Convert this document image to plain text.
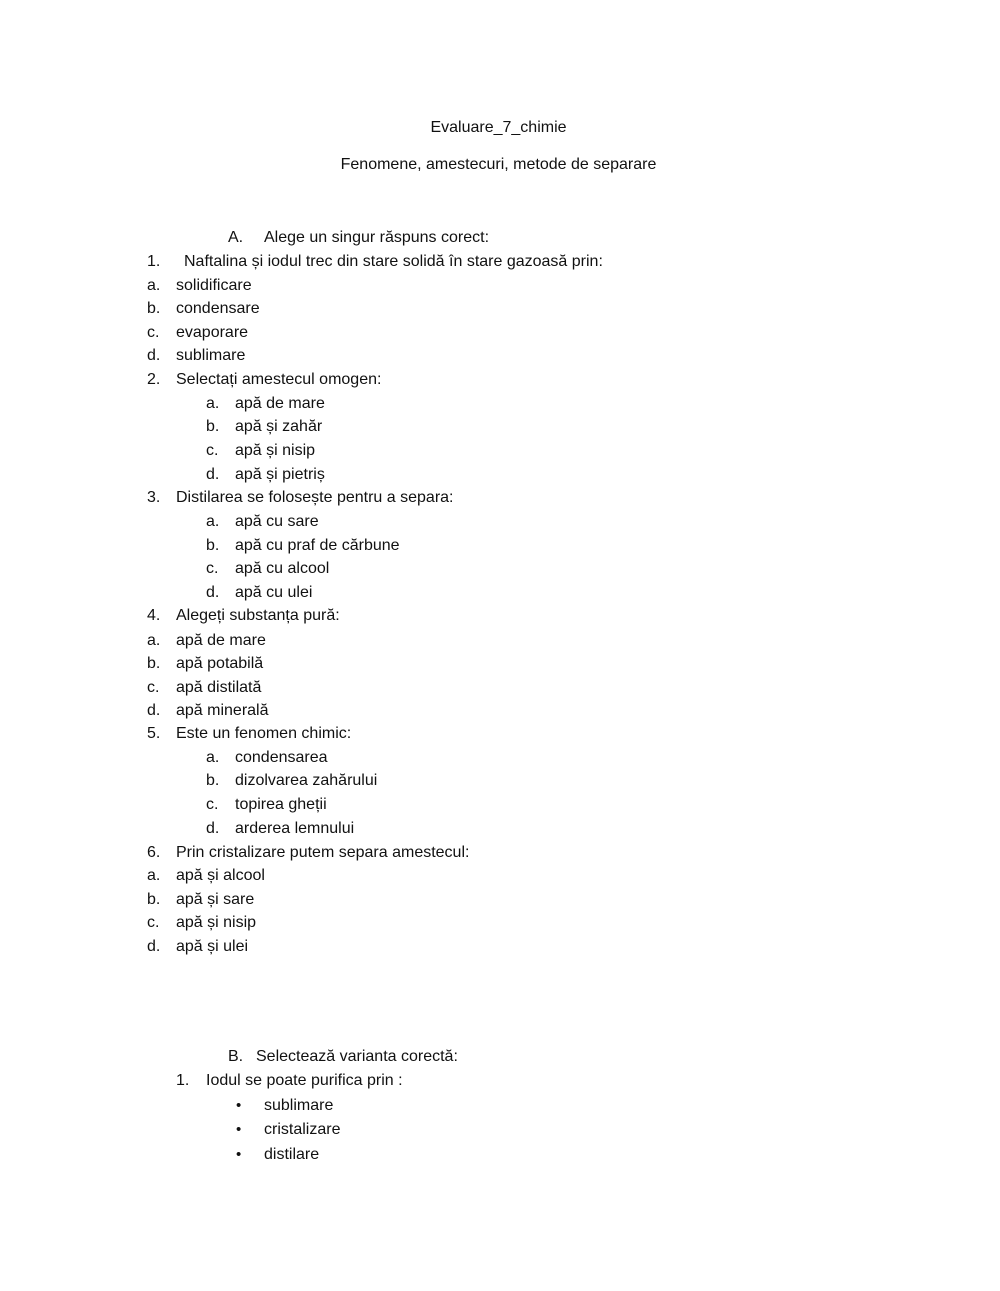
Evaluare_7_chimie
Fenomene, amestecuri, metode de separare
A. Alege un singur răspuns corect:
1. Naftalina și iodul trec din stare solidă în stare gazoasă prin:
a. solidificare
b. condensare
c. evaporare
d. sublimare
2. Selectați amestecul omogen:
a. apă de mare
b. apă și zahăr
c. apă și nisip
d. apă și pietriș
3. Distilarea se folosește pentru a separa:
a. apă cu sare
b. apă cu praf de cărbune
c. apă cu alcool
d. apă cu ulei
4. Alegeți substanța pură:
a. apă de mare
b. apă potabilă
c. apă distilată
d. apă minerală
5. Este un fenomen chimic:
a. condensarea
b. dizolvarea zahărului
c. topirea gheții
d. arderea lemnului
6. Prin cristalizare putem separa amestecul:
a. apă și alcool
b. apă și sare
c. apă și nisip
d. apă și ulei
B. Selectează varianta corectă:
1. Iodul se poate purifica prin :
• sublimare
• cristalizare
• distilare
